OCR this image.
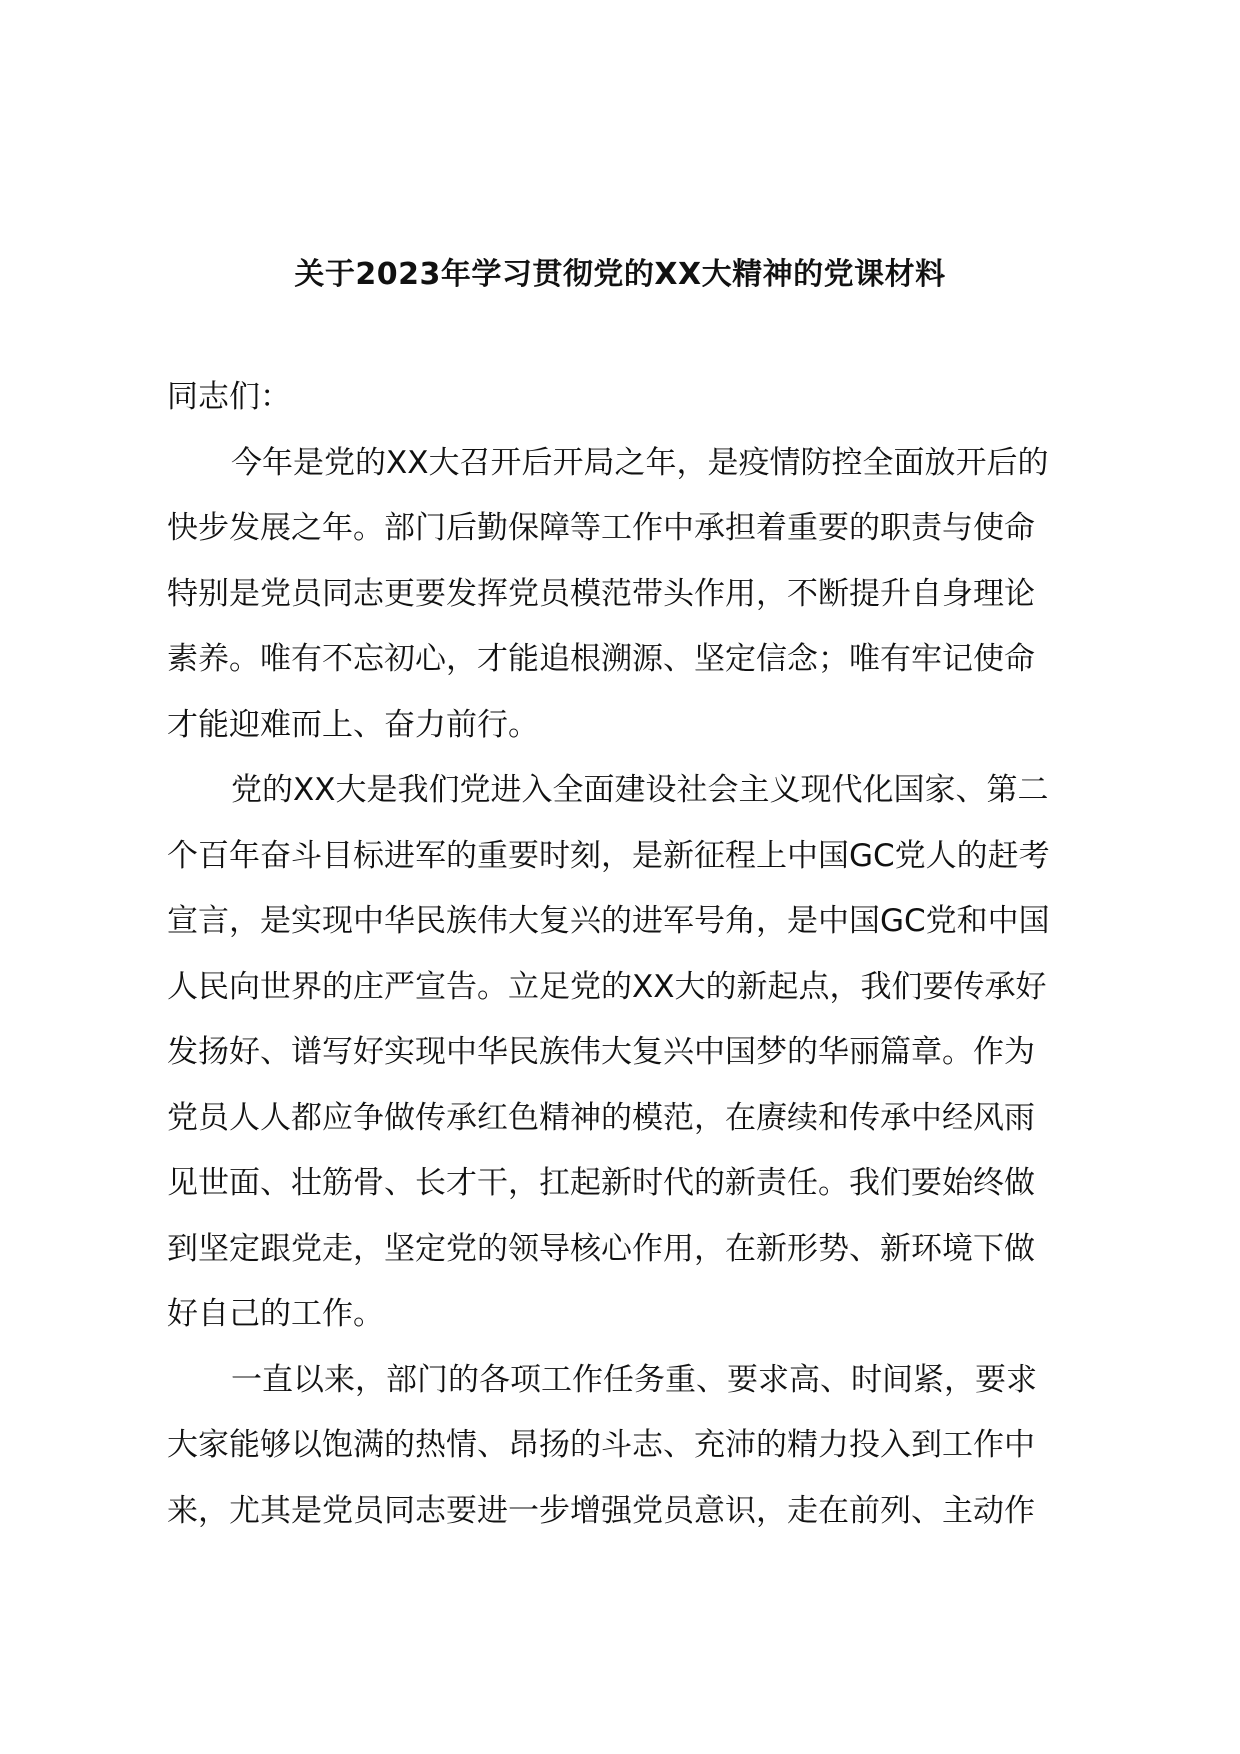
关于2023年学习贯彻党的XX大精神的党课材料

同志们：

今年是党的XX大召开后开局之年，是疫情防控全面放开后的
快步发展之年。部门后勤保障等工作中承担着重要的职责与使命
特别是党员同志更要发挥党员模范带头作用，不断提升自身理论
素养。唯有不忘初心，才能追根溯源、坚定信念；唯有牢记使命
才能迎难而上、奋力前行。

党的XX大是我们党进入全面建设社会主义现代化国家、第二
个百年奋斗目标进军的重要时刻，是新征程上中国GC党人的赶考
宣言，是实现中华民族伟大复兴的进军号角，是中国GC党和中国
人民向世界的庄严宣告。立足党的XX大的新起点，我们要传承好
发扬好、谱写好实现中华民族伟大复兴中国梦的华丽篇章。作为
党员人人都应争做传承红色精神的模范，在赓续和传承中经风雨
见世面、壮筋骨、长才干，扛起新时代的新责任。我们要始终做
到坚定跟党走，坚定党的领导核心作用，在新形势、新环境下做
好自己的工作。

一直以来，部门的各项工作任务重、要求高、时间紧，要求
大家能够以饱满的热情、昂扬的斗志、充沛的精力投入到工作中
来，尤其是党员同志要进一步增强党员意识，走在前列、主动作
